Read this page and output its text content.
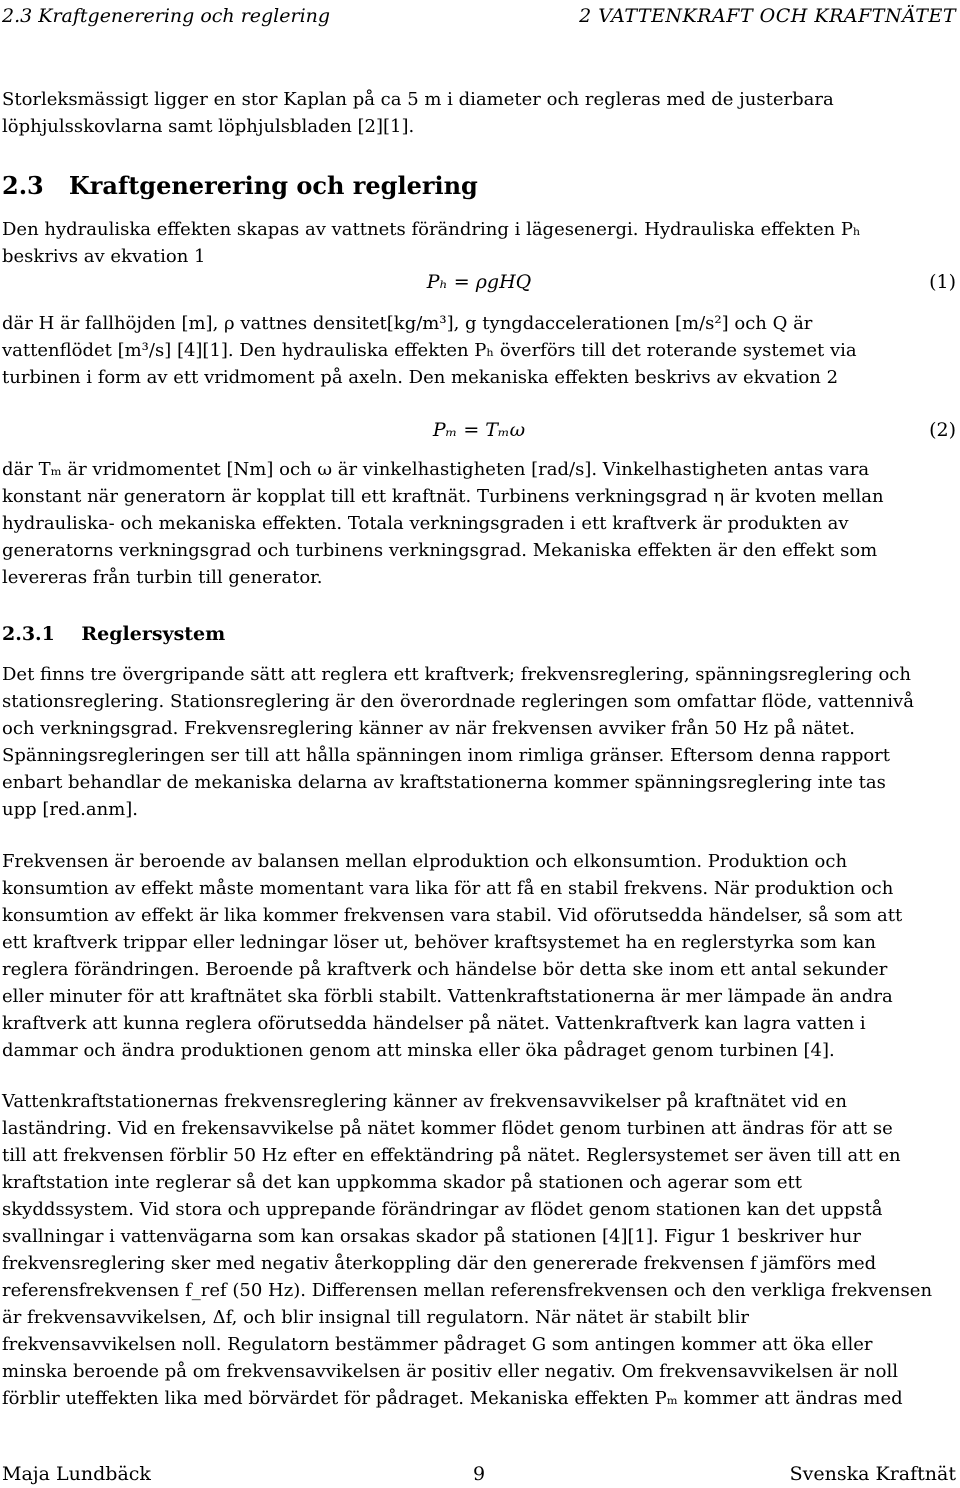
2.3 Kraftgenerering och reglering	2 VATTENKRAFT OCH KRAFTNÄTET

Storleksmässigt ligger en stor Kaplan på ca 5 m i diameter och regleras med de justerbara
löphjulsskovlarna samt löphjulsbladen [2][1].

2.3 Kraftgenerering och reglering

Den hydrauliska effekten skapas av vattnets förändring i lägesenergi. Hydrauliska effekten Pₕ
beskrivs av ekvation 1

Pₕ = ρgHQ	(1)

där H är fallhöjden [m], ρ vattnes densitet[kg/m³], g tyngdaccelerationen [m/s²] och Q är
vattenflödet [m³/s] [4][1]. Den hydrauliska effekten Pₕ överförs till det roterande systemet via
turbinen i form av ett vridmoment på axeln. Den mekaniska effekten beskrivs av ekvation 2

Pₘ = Tₘω	(2)

där Tₘ är vridmomentet [Nm] och ω är vinkelhastigheten [rad/s]. Vinkelhastigheten antas vara
konstant när generatorn är kopplat till ett kraftnät. Turbinens verkningsgrad η är kvoten mellan
hydrauliska- och mekaniska effekten. Totala verkningsgraden i ett kraftverk är produkten av
generatorns verkningsgrad och turbinens verkningsgrad. Mekaniska effekten är den effekt som
levereras från turbin till generator.

2.3.1 Reglersystem

Det finns tre övergripande sätt att reglera ett kraftverk; frekvensreglering, spänningsreglering och
stationsreglering. Stationsreglering är den överordnade regleringen som omfattar flöde, vattennivå
och verkningsgrad. Frekvensreglering känner av när frekvensen avviker från 50 Hz på nätet.
Spänningsregleringen ser till att hålla spänningen inom rimliga gränser. Eftersom denna rapport
enbart behandlar de mekaniska delarna av kraftstationerna kommer spänningsreglering inte tas
upp [red.anm].

Frekvensen är beroende av balansen mellan elproduktion och elkonsumtion. Produktion och
konsumtion av effekt måste momentant vara lika för att få en stabil frekvens. När produktion och
konsumtion av effekt är lika kommer frekvensen vara stabil. Vid oförutsedda händelser, så som att
ett kraftverk trippar eller ledningar löser ut, behöver kraftsystemet ha en reglerstyrka som kan
reglera förändringen. Beroende på kraftverk och händelse bör detta ske inom ett antal sekunder
eller minuter för att kraftnätet ska förbli stabilt. Vattenkraftstationerna är mer lämpade än andra
kraftverk att kunna reglera oförutsedda händelser på nätet. Vattenkraftverk kan lagra vatten i
dammar och ändra produktionen genom att minska eller öka pådraget genom turbinen [4].

Vattenkraftstationernas frekvensreglering känner av frekvensavvikelser på kraftnätet vid en
laständring. Vid en frekensavvikelse på nätet kommer flödet genom turbinen att ändras för att se
till att frekvensen förblir 50 Hz efter en effektändring på nätet. Reglersystemet ser även till att en
kraftstation inte reglerar så det kan uppkomma skador på stationen och agerar som ett
skyddssystem. Vid stora och upprepande förändringar av flödet genom stationen kan det uppstå
svallningar i vattenvägarna som kan orsakas skador på stationen [4][1]. Figur 1 beskriver hur
frekvensreglering sker med negativ återkoppling där den genererade frekvensen f jämförs med
referensfrekvensen f_ref (50 Hz). Differensen mellan referensfrekvensen och den verkliga frekvensen
är frekvensavvikelsen, Δf, och blir insignal till regulatorn. När nätet är stabilt blir
frekvensavvikelsen noll. Regulatorn bestämmer pådraget G som antingen kommer att öka eller
minska beroende på om frekvensavvikelsen är positiv eller negativ. Om frekvensavvikelsen är noll
förblir uteffekten lika med börvärdet för pådraget. Mekaniska effekten Pₘ kommer att ändras med

Maja Lundbäck	9	Svenska Kraftnät
